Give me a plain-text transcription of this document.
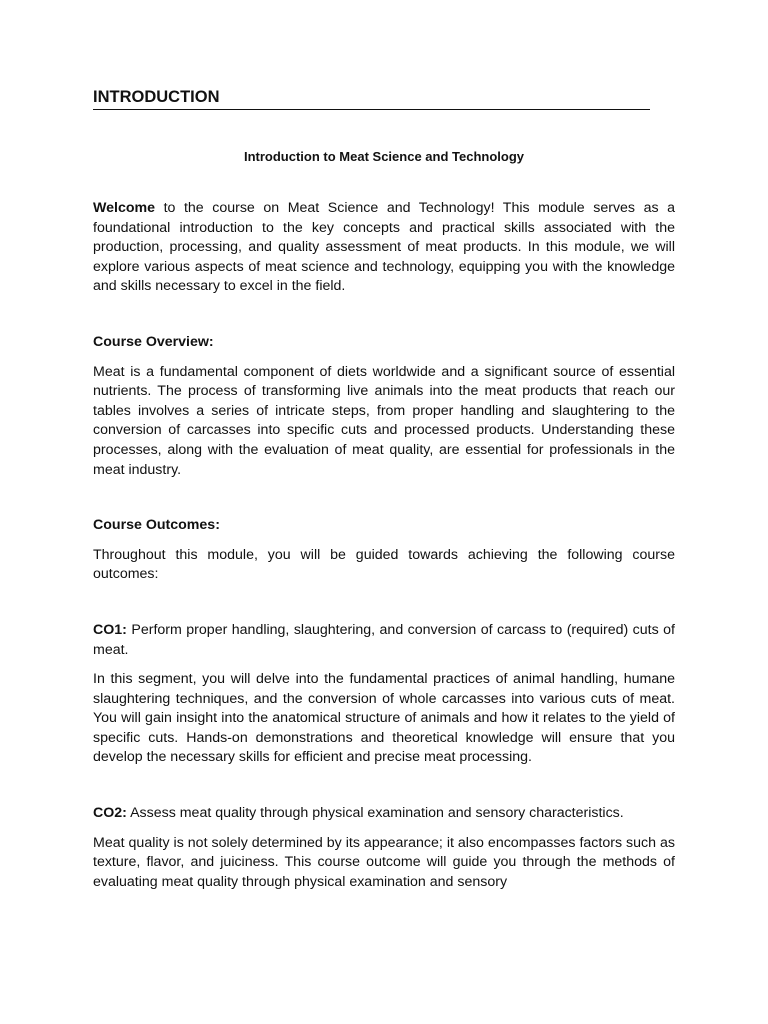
INTRODUCTION
Introduction to Meat Science and Technology

Welcome to the course on Meat Science and Technology! This module serves as a foundational introduction to the key concepts and practical skills associated with the production, processing, and quality assessment of meat products. In this module, we will explore various aspects of meat science and technology, equipping you with the knowledge and skills necessary to excel in the field.

Course Overview:

Meat is a fundamental component of diets worldwide and a significant source of essential nutrients. The process of transforming live animals into the meat products that reach our tables involves a series of intricate steps, from proper handling and slaughtering to the conversion of carcasses into specific cuts and processed products. Understanding these processes, along with the evaluation of meat quality, are essential for professionals in the meat industry.

Course Outcomes:

Throughout this module, you will be guided towards achieving the following course outcomes:

CO1: Perform proper handling, slaughtering, and conversion of carcass to (required) cuts of meat.

In this segment, you will delve into the fundamental practices of animal handling, humane slaughtering techniques, and the conversion of whole carcasses into various cuts of meat. You will gain insight into the anatomical structure of animals and how it relates to the yield of specific cuts. Hands-on demonstrations and theoretical knowledge will ensure that you develop the necessary skills for efficient and precise meat processing.

CO2: Assess meat quality through physical examination and sensory characteristics.

Meat quality is not solely determined by its appearance; it also encompasses factors such as texture, flavor, and juiciness. This course outcome will guide you through the methods of evaluating meat quality through physical examination and sensory
